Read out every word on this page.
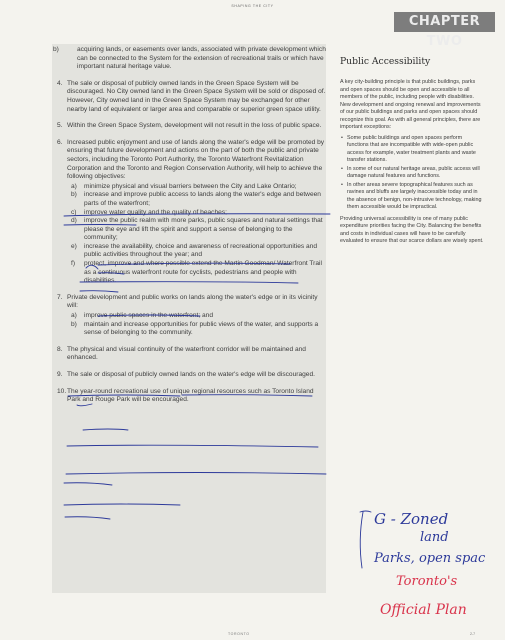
SHAPING THE CITY
CHAPTER TWO
b)	acquiring lands, or easements over lands, associated with private development which can be connected to the System for the extension of recreational trails or which have important natural heritage value.
4. The sale or disposal of publicly owned lands in the Green Space System will be discouraged. No City owned land in the Green Space System will be sold or disposed of. However, City owned land in the Green Space System may be exchanged for other nearby land of equivalent or larger area and comparable or superior green space utility.
5. Within the Green Space System, development will not result in the loss of public space.
6. Increased public enjoyment and use of lands along the water's edge will be promoted by ensuring that future development and actions on the part of both the public and private sectors, including the Toronto Port Authority, the Toronto Waterfront Revitalization Corporation and the Toronto and Region Conservation Authority, will help to achieve the following objectives:
a) minimize physical and visual barriers between the City and Lake Ontario;
b) increase and improve public access to lands along the water's edge and between parts of the waterfront;
c) improve water quality and the quality of beaches;
d) improve the public realm with more parks, public squares and natural settings that please the eye and lift the spirit and support a sense of belonging to the community;
e) increase the availability, choice and awareness of recreational opportunities and public activities throughout the year; and
f) protect, improve and where possible extend the Martin Goodman/ Waterfront Trail as a continuous waterfront route for cyclists, pedestrians and people with disabilities.
7. Private development and public works on lands along the water's edge or in its vicinity will:
a) improve public spaces in the waterfront; and
b) maintain and increase opportunities for public views of the water, and supports a sense of belonging to the community.
8. The physical and visual continuity of the waterfront corridor will be maintained and enhanced.
9. The sale or disposal of publicly owned lands on the water's edge will be discouraged.
10. The year-round recreational use of unique regional resources such as Toronto Island Park and Rouge Park will be encouraged.
Public Accessibility

A key city-building principle is that public buildings, parks and open spaces should be open and accessible to all members of the public, including people with disabilities. New development and ongoing renewal and improvements of our public buildings and parks and open spaces should recognize this goal. As with all general principles, there are important exceptions:

• Some public buildings and open spaces perform functions that are incompatible with wide-open public access for example, water treatment plants and waste transfer stations.
• In some of our natural heritage areas, public access will damage natural features and functions.
• In other areas severe topographical features such as ravines and bluffs are largely inaccessible today and in the absence of benign, non-intrusive technology, making them accessible would be impractical.

Providing universal accessibility is one of many public expenditure priorities facing the City. Balancing the benefits and costs in individual cases will have to be carefully evaluated to ensure that our scarce dollars are wisely spent.

G - Zoned
land
Parks, open spac
Toronto's
Official Plan
TORONTO	2-7
